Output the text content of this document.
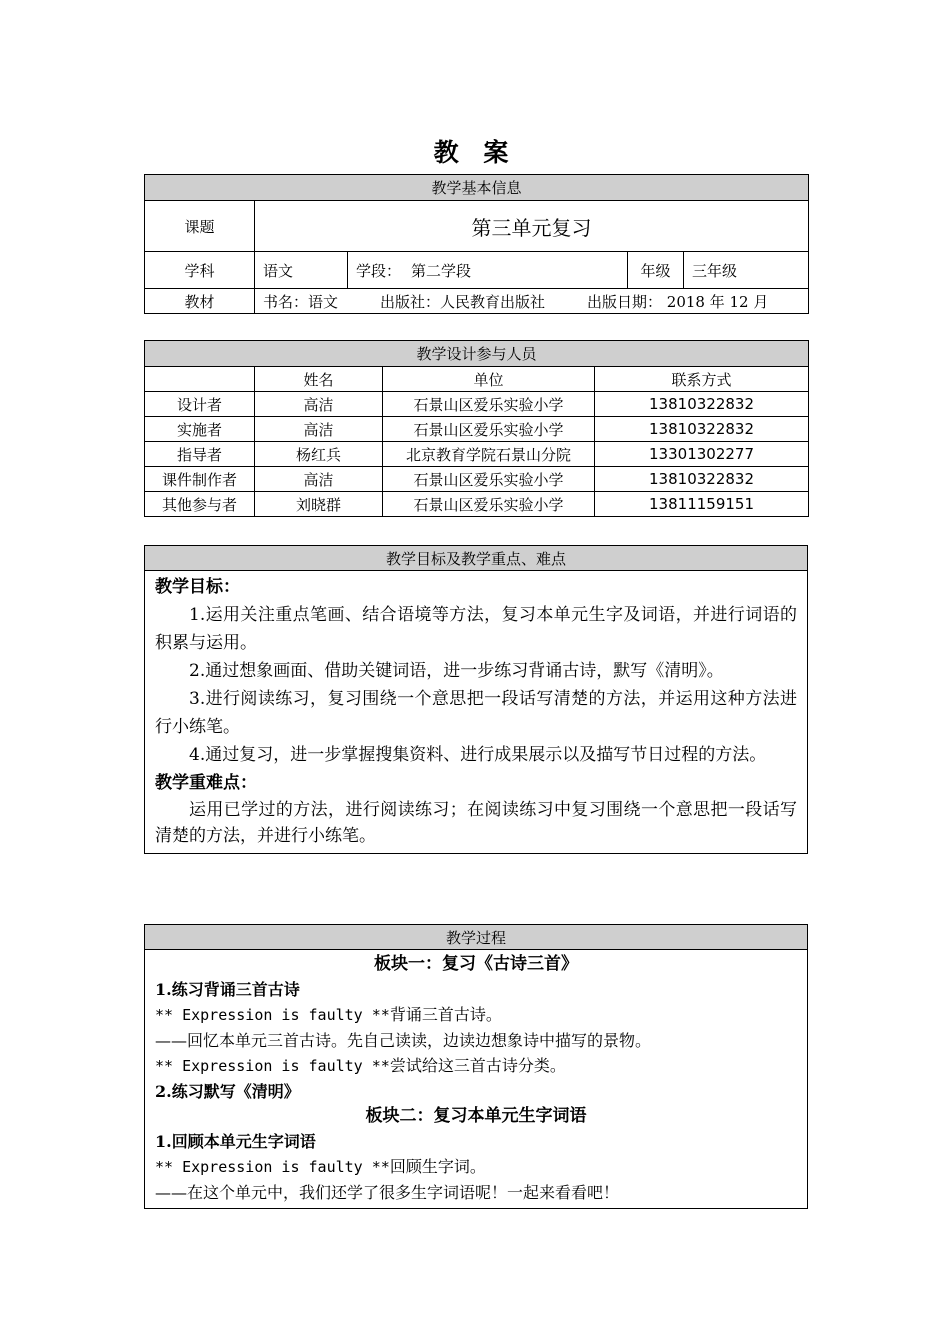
教 案
教学基本信息				
课题	第三单元复习			
学科	语文	学段： 第二学段	年级	三年级
教材	书名：语文 出版社：人民教育出版社 出版日期： 2018 年 12 月			
教学设计参与人员			
	姓名	单位	联系方式
设计者	高洁	石景山区爱乐实验小学	13810322832
实施者	高洁	石景山区爱乐实验小学	13810322832
指导者	杨红兵	北京教育学院石景山分院	13301302277
课件制作者	高洁	石景山区爱乐实验小学	13810322832
其他参与者	刘晓群	石景山区爱乐实验小学	13811159151
教学目标及教学重点、难点

教学目标：

1.运用关注重点笔画、结合语境等方法，复习本单元生字及词语，并进行词语的积累与运用。

2.通过想象画面、借助关键词语，进一步练习背诵古诗，默写《清明》。

3.进行阅读练习，复习围绕一个意思把一段话写清楚的方法，并运用这种方法进行小练笔。

4.通过复习，进一步掌握搜集资料、进行成果展示以及描写节日过程的方法。

教学重难点：

运用已学过的方法，进行阅读练习；在阅读练习中复习围绕一个意思把一段话写清楚的方法，并进行小练笔。

教学过程

板块一：复习《古诗三首》

1.练习背诵三首古诗

** Expression is faulty **背诵三首古诗。

——回忆本单元三首古诗。先自己读读，边读边想象诗中描写的景物。

** Expression is faulty **尝试给这三首古诗分类。

2.练习默写《清明》

板块二：复习本单元生字词语

1.回顾本单元生字词语

** Expression is faulty **回顾生字词。

——在这个单元中，我们还学了很多生字词语呢！一起来看看吧！
